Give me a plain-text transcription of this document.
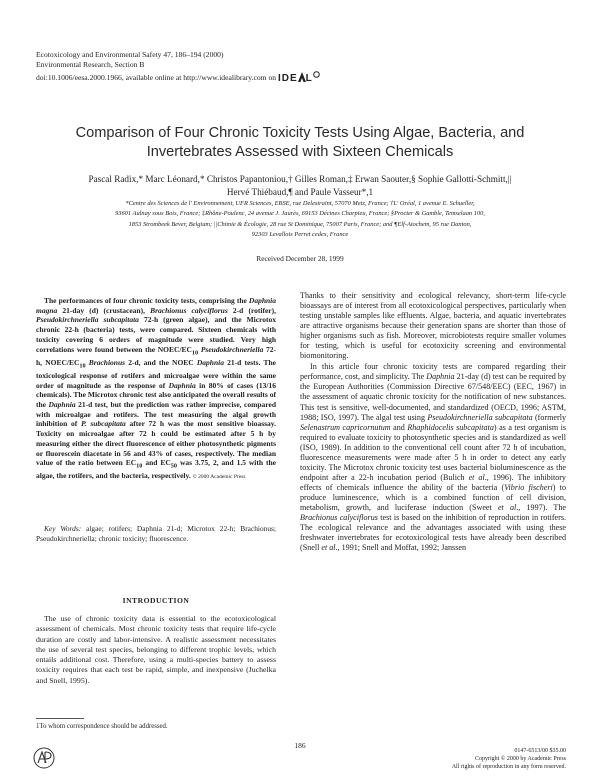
Ecotoxicology and Environmental Safety 47, 186–194 (2000)
Environmental Research, Section B
doi:10.1006/eesa.2000.1966, available online at http://www.idealibrary.com on IDE L
Comparison of Four Chronic Toxicity Tests Using Algae, Bacteria, and
Invertebrates Assessed with Sixteen Chemicals
Pascal Radix,* Marc Léonard,* Christos Papantoniou,† Gilles Roman,‡ Erwan Saouter,§ Sophie Gallotti-Schmitt,||
Hervé Thiébaud,¶ and Paule Vasseur*,1
*Centre des Sciences de l' Environnement, UFR Sciences, EBSE, rue Delestraint, 57070 Metz, France; †L' Oréal, 1 avenue E. Schueller,
93601 Aulnay sous Bois, France; ‡Rhône-Poulenc, 24 avenue J. Jaurès, 69153 Décines Charpieu, France; §Procter & Gamble, Temselaan 100,
1853 Strombeek Bever, Belgium; ||Chimie & Écologie, 28 rue St Dominique, 75007 Paris, France; and ¶Elf-Atochem, 95 rue Danton,
92303 Levallois Perret cedex, France
Received December 28, 1999
The performances of four chronic toxicity tests, comprising the Daphnia magna 21-day (d) (crustacean), Brachionus calyciflorus 2-d (rotifer), Pseudokirchneriella subcapitata 72-h (green algae), and the Microtox chronic 22-h (bacteria) tests, were compared. Sixteen chemicals with toxicity covering 6 orders of magnitude were studied. Very high correlations were found between the NOEC/$EC_{10}$ Pseudokirchneriella 72-h, NOEC/$EC_{10}$ Brachionus 2-d, and the NOEC Daphnia 21-d tests. The toxicological response of rotifers and microalgae were within the same order of magnitude as the response of Daphnia in 80% of cases (13/16 chemicals). The Microtox chronic test also anticipated the overall results of the Daphnia 21-d test, but the prediction was rather imprecise, compared with microalgae and rotifers. The test measuring the algal growth inhibition of P. subcapitata after 72 h was the most sensitive bioassay. Toxicity on microalgae after 72 h could be estimated after 5 h by measuring either the direct fluorescence of either photosynthetic pigments or fluorescein diacetate in 56 and 43% of cases, respectively. The median value of the ratio between $EC_{10}$ and $EC_{50}$ was 3.75, 2, and 1.5 with the algae, the rotifers, and the bacteria, respectively. © 2000 Academic Press
Key Words: algae; rotifers; Daphnia 21-d; Microtox 22-h; Brachionus; Pseudokirchneriella; chronic toxicity; fluorescence.
INTRODUCTION
The use of chronic toxicity data is essential to the ecotoxicological assessment of chemicals. Most chronic toxicity tests that require life-cycle duration are costly and labor-intensive. A realistic assessment necessitates the use of several test species, belonging to different trophic levels, which entails additional cost. Therefore, using a multi-species battery to assess toxicity requires that each test be rapid, simple, and inexpensive (Juchelka and Snell, 1995).
1To whom correspondence should be addressed.

Thanks to their sensitivity and ecological relevancy, short-term life-cycle bioassays are of interest from all ecotoxicological perspectives, particularly when testing unstable samples like effluents. Algae, bacteria, and aquatic invertebrates are attractive organisms because their generation spans are shorter than those of higher organisms such as fish. Moreover, microbiotests require smaller volumes for testing, which is useful for ecotoxicity screening and environmental biomonitoring.

In this article four chronic toxicity tests are compared regarding their performance, cost, and simplicity. The Daphnia 21-day (d) test can be required by the European Authorities (Commission Directive 67/548/EEC) (EEC, 1967) in the assessment of aquatic chronic toxicity for the notification of new substances. This test is sensitive, well-documented, and standardized (OECD, 1996; ASTM, 1988; ISO, 1997). The algal test using Pseudokirchneriella subcapitata (formerly Selenastrum capricornutum and Rhaphidocelis subcapitata) as a test organism is required to evaluate toxicity to photosynthetic species and is standardized as well (ISO, 1989). In addition to the conventional cell count after 72 h of incubation, fluorescence measurements were made after 5 h in order to detect any early toxicity. The Microtox chronic toxicity test uses bacterial bioluminescence as the endpoint after a 22-h incubation period (Bulich et al., 1996). The inhibitory effects of chemicals influence the ability of the bacteria (Vibrio fischeri) to produce luminescence, which is a combined function of cell division, metabolism, growth, and luciferase induction (Sweet et al., 1997). The Brachionus calyciflorus test is based on the inhibition of reproduction in rotifers. The ecological relevance and the advantages associated with using these freshwater invertebrates for ecotoxicological tests have already been described (Snell et al., 1991; Snell and Moffat, 1992; Janssen

186
0147-6513/00 $35.00
Copyright © 2000 by Academic Press
All rights of reproduction in any form reserved.
